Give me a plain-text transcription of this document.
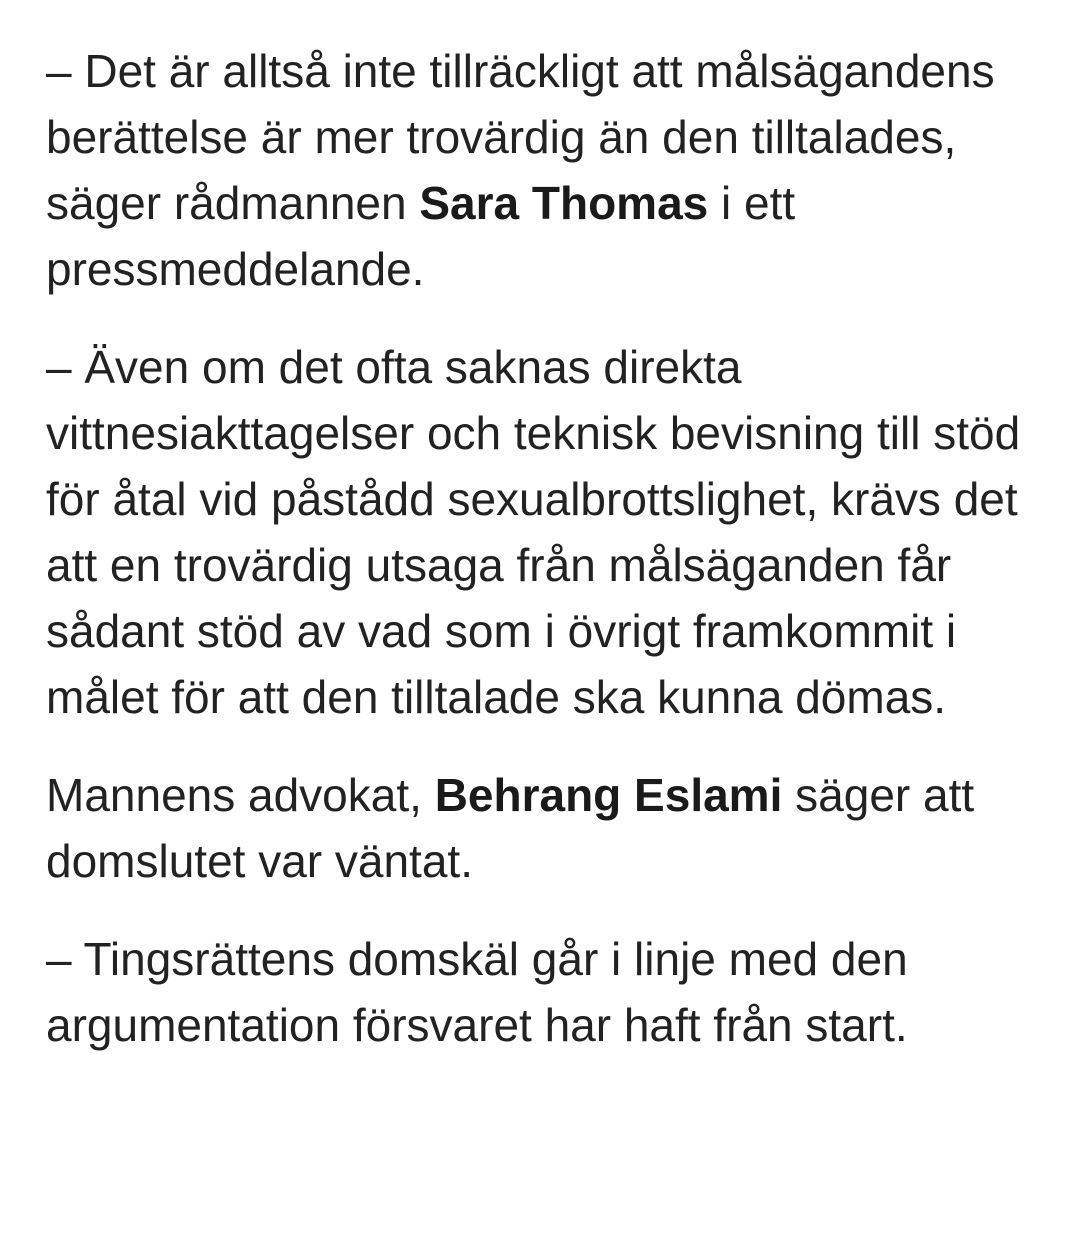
– Det är alltså inte tillräckligt att målsägandens berättelse är mer trovärdig än den tilltalades, säger rådmannen Sara Thomas i ett pressmeddelande.

– Även om det ofta saknas direkta vittnesiakttagelser och teknisk bevisning till stöd för åtal vid påstådd sexualbrottslighet, krävs det att en trovärdig utsaga från målsäganden får sådant stöd av vad som i övrigt framkommit i målet för att den tilltalade ska kunna dömas.

Mannens advokat, Behrang Eslami säger att domslutet var väntat.

– Tingsrättens domskäl går i linje med den argumentation försvaret har haft från start.
